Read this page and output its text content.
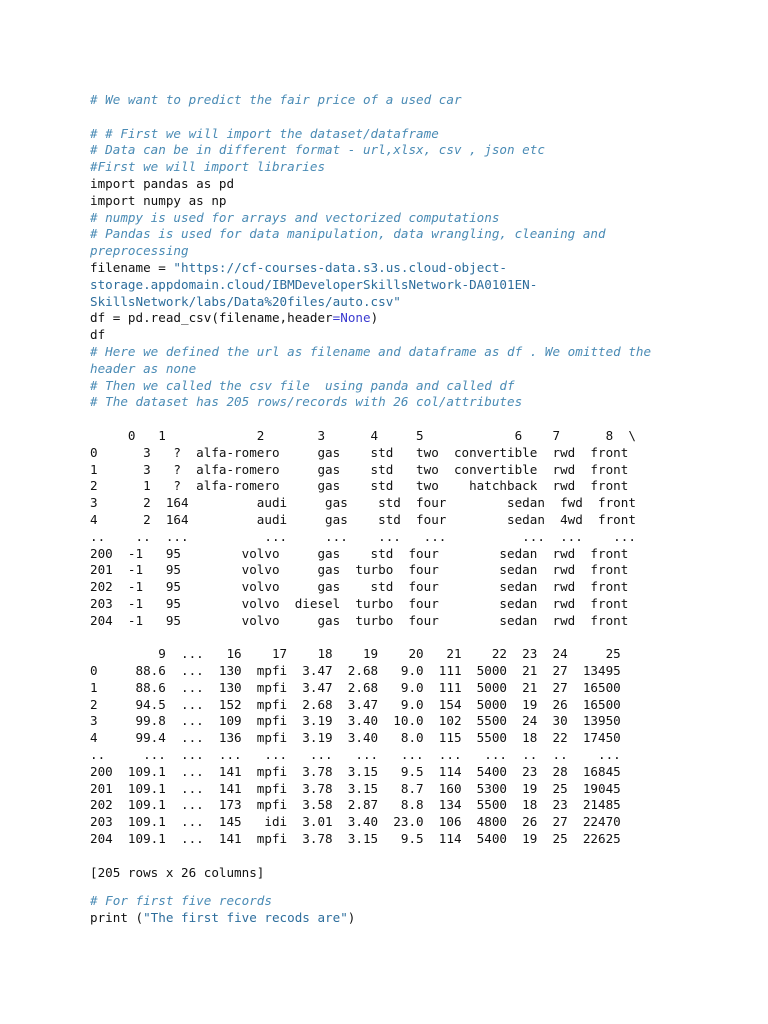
# We want to predict the fair price of a used car
# # First we will import the dataset/dataframe
# Data can be in different format - url,xlsx, csv , json etc
#First we will import libraries
import pandas as pd
import numpy as np
# numpy is used for arrays and vectorized computations
# Pandas is used for data manipulation, data wrangling, cleaning and
preprocessing
filename = "https://cf-courses-data.s3.us.cloud-object-
storage.appdomain.cloud/IBMDeveloperSkillsNetwork-DA0101EN-
SkillsNetwork/labs/Data%20files/auto.csv"
df = pd.read_csv(filename,header=None)
df
# Here we defined the url as filename and dataframe as df . We omitted the
header as none
# Then we called the csv file  using panda and called df
# The dataset has 205 rows/records with 26 col/attributes
0   1            2       3      4     5            6    7      8  \
0      3   ?  alfa-romero     gas    std   two  convertible  rwd  front
1      3   ?  alfa-romero     gas    std   two  convertible  rwd  front
2      1   ?  alfa-romero     gas    std   two    hatchback  rwd  front
3      2  164         audi     gas    std  four        sedan  fwd  front
4      2  164         audi     gas    std  four        sedan  4wd  front
..    ..  ...          ...     ...    ...   ...          ...  ...    ...
200  -1   95        volvo     gas    std  four        sedan  rwd  front
201  -1   95        volvo     gas  turbo  four        sedan  rwd  front
202  -1   95        volvo     gas    std  four        sedan  rwd  front
203  -1   95        volvo  diesel  turbo  four        sedan  rwd  front
204  -1   95        volvo     gas  turbo  four        sedan  rwd  front
9  ...   16    17    18    19    20   21    22  23  24     25
0     88.6  ...  130  mpfi  3.47  2.68   9.0  111  5000  21  27  13495
1     88.6  ...  130  mpfi  3.47  2.68   9.0  111  5000  21  27  16500
2     94.5  ...  152  mpfi  2.68  3.47   9.0  154  5000  19  26  16500
3     99.8  ...  109  mpfi  3.19  3.40  10.0  102  5500  24  30  13950
4     99.4  ...  136  mpfi  3.19  3.40   8.0  115  5500  18  22  17450
..     ...  ...  ...   ...   ...   ...   ...  ...   ...  ..  ..    ...
200  109.1  ...  141  mpfi  3.78  3.15   9.5  114  5400  23  28  16845
201  109.1  ...  141  mpfi  3.78  3.15   8.7  160  5300  19  25  19045
202  109.1  ...  173  mpfi  3.58  2.87   8.8  134  5500  18  23  21485
203  109.1  ...  145   idi  3.01  3.40  23.0  106  4800  26  27  22470
204  109.1  ...  141  mpfi  3.78  3.15   9.5  114  5400  19  25  22625
[205 rows x 26 columns]
# For first five records
print ("The first five recods are")
